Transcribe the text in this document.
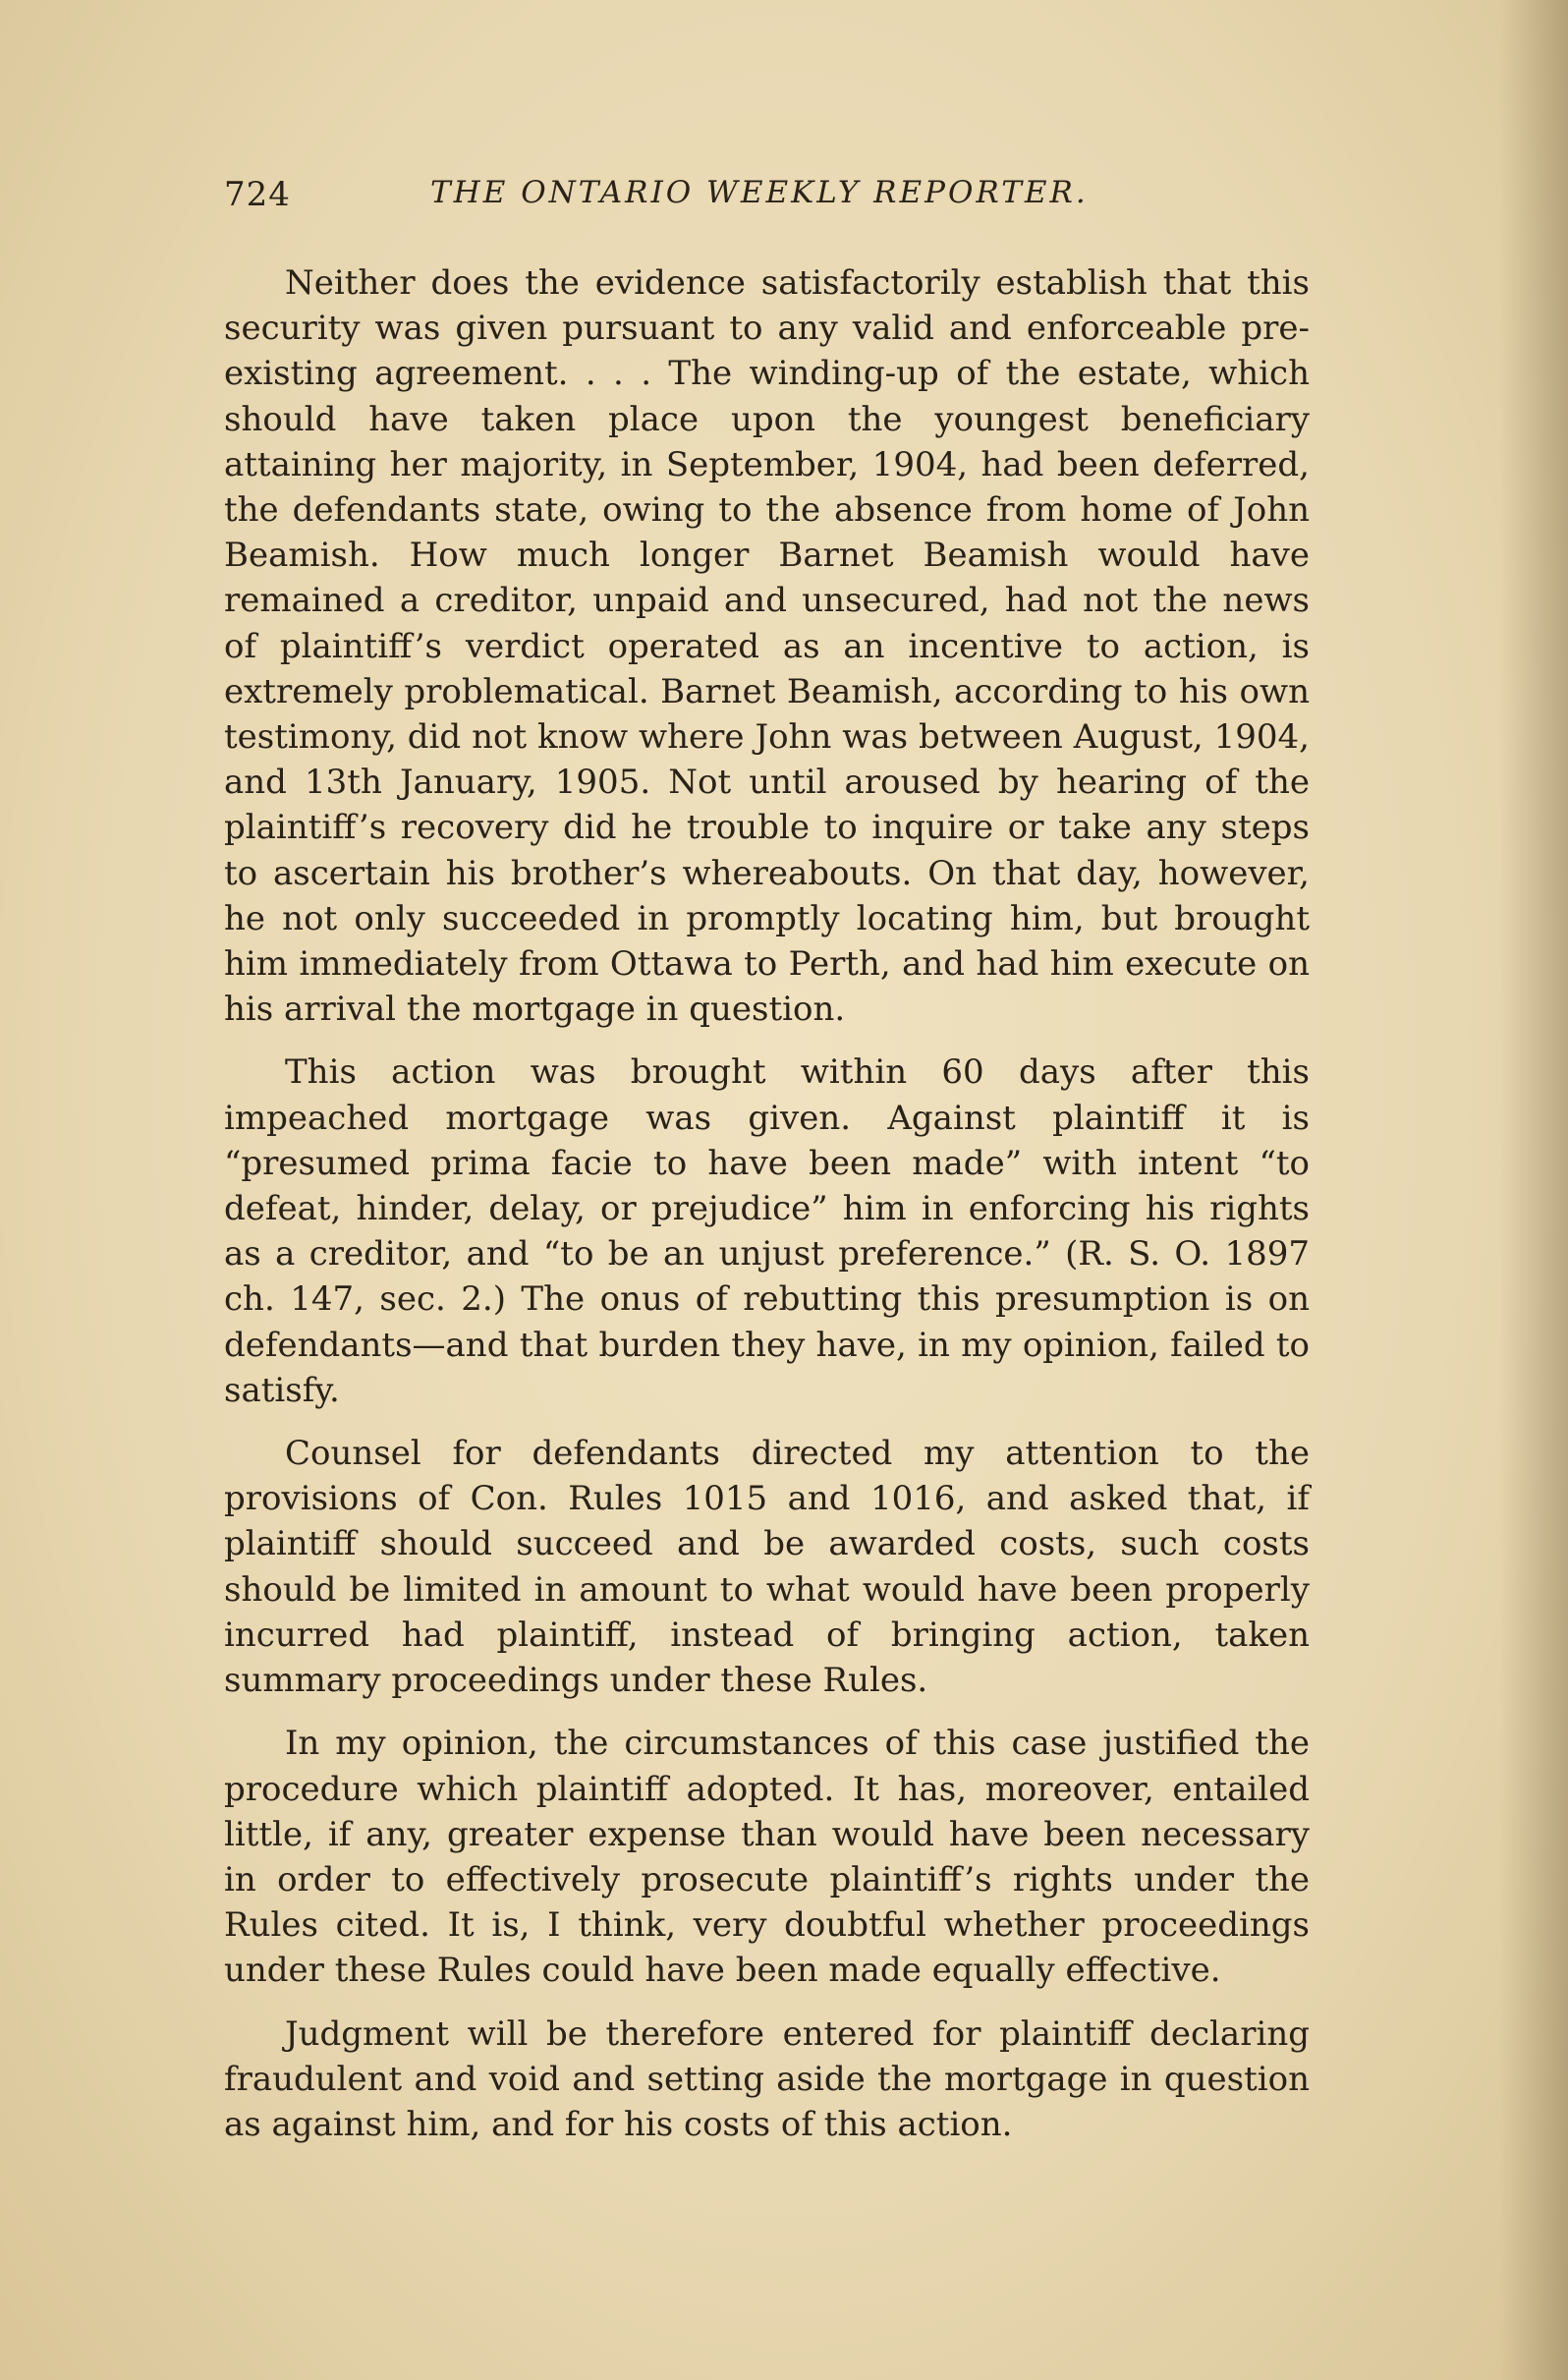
724	THE ONTARIO WEEKLY REPORTER.

Neither does the evidence satisfactorily establish that this security was given pursuant to any valid and enforceable pre-existing agreement. . . . The winding-up of the estate, which should have taken place upon the youngest beneficiary attaining her majority, in September, 1904, had been deferred, the defendants state, owing to the absence from home of John Beamish. How much longer Barnet Beamish would have remained a creditor, unpaid and unsecured, had not the news of plaintiff’s verdict operated as an incentive to action, is extremely problematical. Barnet Beamish, according to his own testimony, did not know where John was between August, 1904, and 13th January, 1905. Not until aroused by hearing of the plaintiff’s recovery did he trouble to inquire or take any steps to ascertain his brother’s whereabouts. On that day, however, he not only succeeded in promptly locating him, but brought him immediately from Ottawa to Perth, and had him execute on his arrival the mortgage in question.

This action was brought within 60 days after this impeached mortgage was given. Against plaintiff it is “presumed prima facie to have been made” with intent “to defeat, hinder, delay, or prejudice” him in enforcing his rights as a creditor, and “to be an unjust preference.” (R. S. O. 1897 ch. 147, sec. 2.) The onus of rebutting this presumption is on defendants—and that burden they have, in my opinion, failed to satisfy.

Counsel for defendants directed my attention to the provisions of Con. Rules 1015 and 1016, and asked that, if plaintiff should succeed and be awarded costs, such costs should be limited in amount to what would have been properly incurred had plaintiff, instead of bringing action, taken summary proceedings under these Rules.

In my opinion, the circumstances of this case justified the procedure which plaintiff adopted. It has, moreover, entailed little, if any, greater expense than would have been necessary in order to effectively prosecute plaintiff’s rights under the Rules cited. It is, I think, very doubtful whether proceedings under these Rules could have been made equally effective.

Judgment will be therefore entered for plaintiff declaring fraudulent and void and setting aside the mortgage in question as against him, and for his costs of this action.
